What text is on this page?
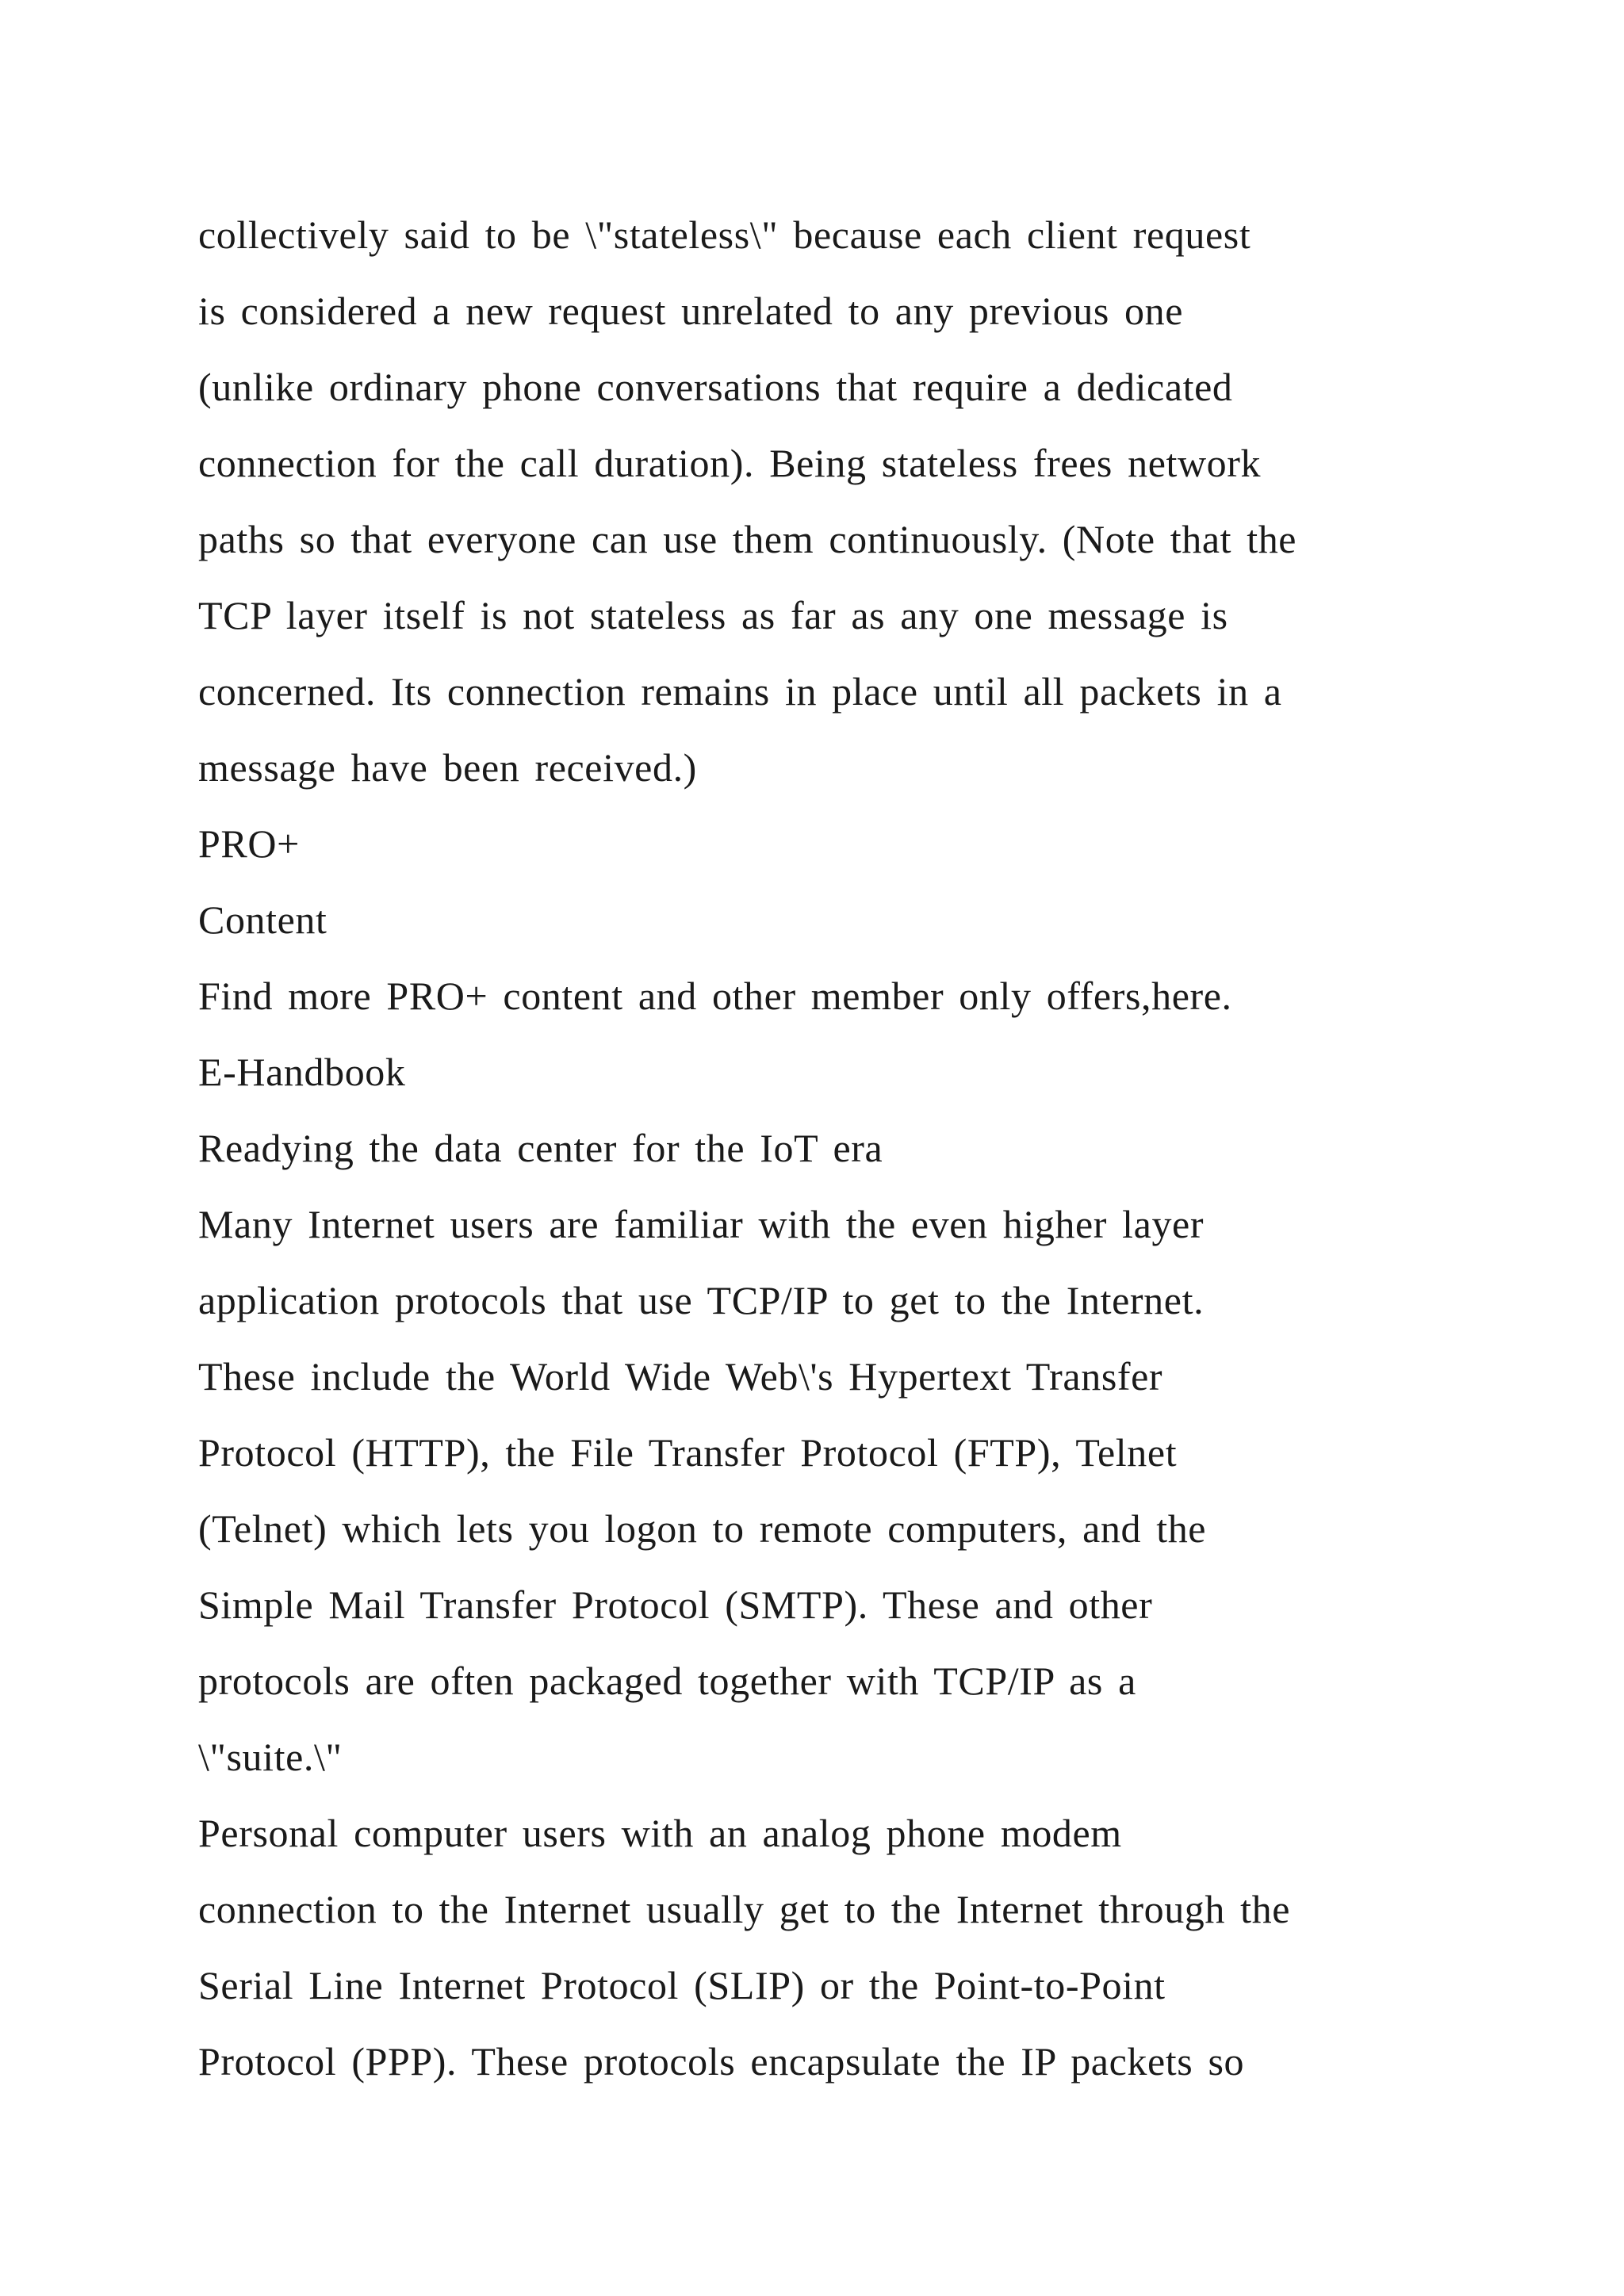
collectively said to be \"stateless\" because each client request
is considered a new request unrelated to any previous one
(unlike ordinary phone conversations that require a dedicated
connection for the call duration). Being stateless frees network
paths so that everyone can use them continuously. (Note that the
TCP layer itself is not stateless as far as any one message is
concerned. Its connection remains in place until all packets in a
message have been received.)
PRO+
Content
Find more PRO+ content and other member only offers,here.
E-Handbook
Readying the data center for the IoT era
Many Internet users are familiar with the even higher layer
application protocols that use TCP/IP to get to the Internet.
These include the World Wide Web\'s Hypertext Transfer
Protocol (HTTP), the File Transfer Protocol (FTP), Telnet
(Telnet) which lets you logon to remote computers, and the
Simple Mail Transfer Protocol (SMTP). These and other
protocols are often packaged together with TCP/IP as a
\"suite.\"
Personal computer users with an analog phone modem
connection to the Internet usually get to the Internet through the
Serial Line Internet Protocol (SLIP) or the Point-to-Point
Protocol (PPP). These protocols encapsulate the IP packets so
